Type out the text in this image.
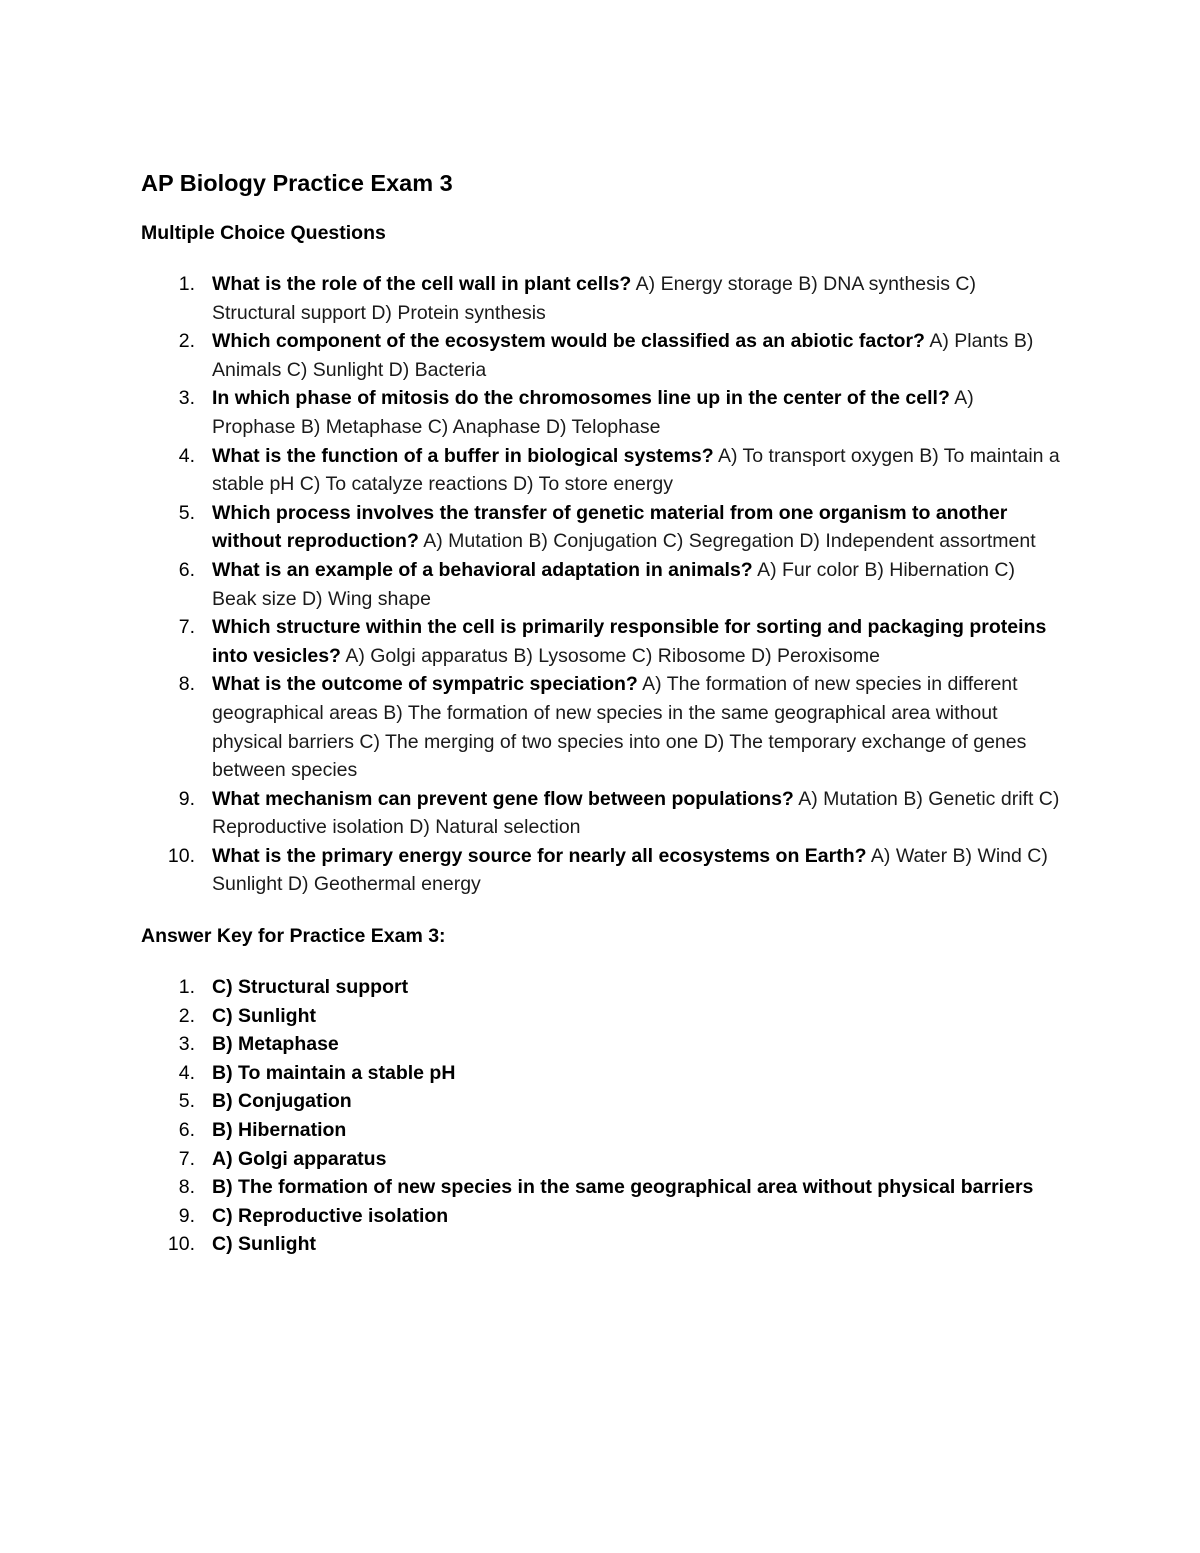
AP Biology Practice Exam 3
Multiple Choice Questions
1. What is the role of the cell wall in plant cells? A) Energy storage B) DNA synthesis C) Structural support D) Protein synthesis
2. Which component of the ecosystem would be classified as an abiotic factor? A) Plants B) Animals C) Sunlight D) Bacteria
3. In which phase of mitosis do the chromosomes line up in the center of the cell? A) Prophase B) Metaphase C) Anaphase D) Telophase
4. What is the function of a buffer in biological systems? A) To transport oxygen B) To maintain a stable pH C) To catalyze reactions D) To store energy
5. Which process involves the transfer of genetic material from one organism to another without reproduction? A) Mutation B) Conjugation C) Segregation D) Independent assortment
6. What is an example of a behavioral adaptation in animals? A) Fur color B) Hibernation C) Beak size D) Wing shape
7. Which structure within the cell is primarily responsible for sorting and packaging proteins into vesicles? A) Golgi apparatus B) Lysosome C) Ribosome D) Peroxisome
8. What is the outcome of sympatric speciation? A) The formation of new species in different geographical areas B) The formation of new species in the same geographical area without physical barriers C) The merging of two species into one D) The temporary exchange of genes between species
9. What mechanism can prevent gene flow between populations? A) Mutation B) Genetic drift C) Reproductive isolation D) Natural selection
10. What is the primary energy source for nearly all ecosystems on Earth? A) Water B) Wind C) Sunlight D) Geothermal energy
Answer Key for Practice Exam 3:
1. C) Structural support
2. C) Sunlight
3. B) Metaphase
4. B) To maintain a stable pH
5. B) Conjugation
6. B) Hibernation
7. A) Golgi apparatus
8. B) The formation of new species in the same geographical area without physical barriers
9. C) Reproductive isolation
10. C) Sunlight
